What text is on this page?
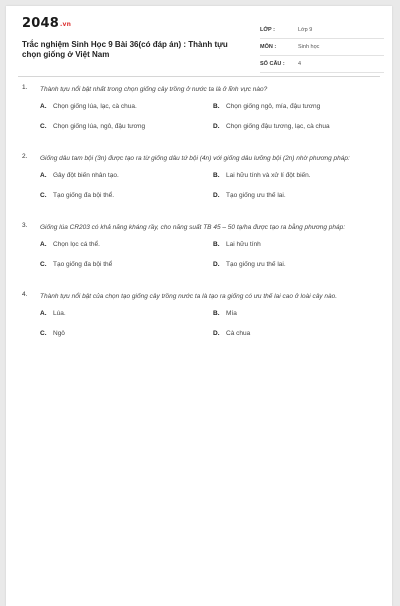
2048.vn
Trắc nghiệm Sinh Học 9 Bài 36(có đáp án) : Thành tựu chọn giống ở Việt Nam
LỚP :	Lớp 9
MÔN :	Sinh học
SỐ CÂU : 4
1. Thành tựu nổi bật nhất trong chọn giống cây trồng ở nước ta là ở lĩnh vực nào?
A. Chọn giống lúa, lạc, cà chua.	B. Chọn giống ngô, mía, đậu tương
C. Chọn giống lúa, ngô, đậu tương	D. Chọn giống đậu tương, lạc, cà chua
2. Giống dâu tam bội (3n) được tạo ra từ giống dâu tứ bội (4n) với giống dâu lưỡng bội (2n) nhờ phương pháp:
A. Gây đột biến nhân tạo.	B. Lai hữu tính và xử lí đột biến.
C. Tạo giống đa bội thể.	D. Tạo giống ưu thế lai.
3. Giống lúa CR203 có khả năng kháng rầy, cho năng suất TB 45 – 50 tạ/ha được tạo ra bằng phương pháp:
A. Chọn lọc cá thể.	B. Lai hữu tính
C. Tạo giống đa bội thể	D. Tạo giống ưu thế lai.
4. Thành tựu nổi bật của chọn tạo giống cây trồng nước ta là tạo ra giống có ưu thế lai cao ở loài cây nào.
A. Lúa.	B. Mía
C. Ngô	D. Cà chua
